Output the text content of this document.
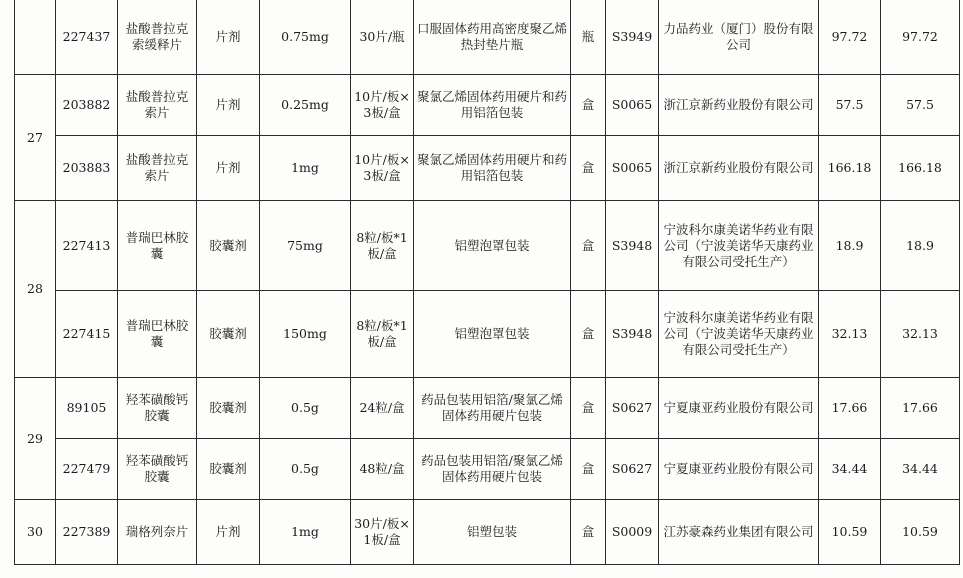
	227437	盐酸普拉克索缓释片	片剂	0.75mg	30片/瓶	口服固体药用高密度聚乙烯热封垫片瓶	瓶	S3949	力品药业（厦门）股份有限公司	97.72	97.72
27	203882	盐酸普拉克索片	片剂	0.25mg	10片/板×3板/盒	聚氯乙烯固体药用硬片和药用铝箔包装	盒	S0065	浙江京新药业股份有限公司	57.5	57.5
	203883	盐酸普拉克索片	片剂	1mg	10片/板×3板/盒	聚氯乙烯固体药用硬片和药用铝箔包装	盒	S0065	浙江京新药业股份有限公司	166.18	166.18
28	227413	普瑞巴林胶囊	胶囊剂	75mg	8粒/板*1板/盒	铝塑泡罩包装	盒	S3948	宁波科尔康美诺华药业有限公司（宁波美诺华天康药业有限公司受托生产）	18.9	18.9
	227415	普瑞巴林胶囊	胶囊剂	150mg	8粒/板*1板/盒	铝塑泡罩包装	盒	S3948	宁波科尔康美诺华药业有限公司（宁波美诺华天康药业有限公司受托生产）	32.13	32.13
29	89105	羟苯磺酸钙胶囊	胶囊剂	0.5g	24粒/盒	药品包装用铝箔/聚氯乙烯固体药用硬片包装	盒	S0627	宁夏康亚药业股份有限公司	17.66	17.66
	227479	羟苯磺酸钙胶囊	胶囊剂	0.5g	48粒/盒	药品包装用铝箔/聚氯乙烯固体药用硬片包装	盒	S0627	宁夏康亚药业股份有限公司	34.44	34.44
30	227389	瑞格列奈片	片剂	1mg	30片/板×1板/盒	铝塑包装	盒	S0009	江苏豪森药业集团有限公司	10.59	10.59
